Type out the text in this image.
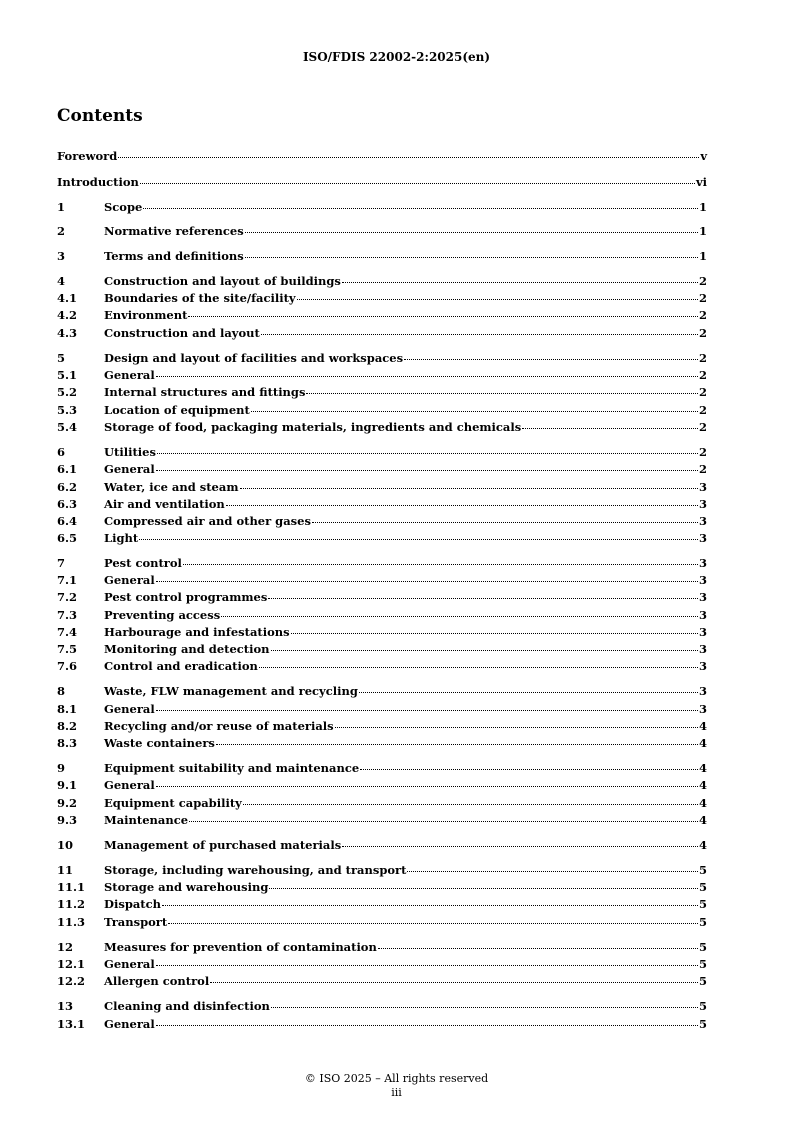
ISO/FDIS 22002-2:2025(en)
Contents
Foreword	v
Introduction	vi
1	Scope	1
2	Normative references	1
3	Terms and definitions	1
4	Construction and layout of buildings	2
4.1	Boundaries of the site/facility	2
4.2	Environment	2
4.3	Construction and layout	2
5	Design and layout of facilities and workspaces	2
5.1	General	2
5.2	Internal structures and fittings	2
5.3	Location of equipment	2
5.4	Storage of food, packaging materials, ingredients and chemicals	2
6	Utilities	2
6.1	General	2
6.2	Water, ice and steam	3
6.3	Air and ventilation	3
6.4	Compressed air and other gases	3
6.5	Light	3
7	Pest control	3
7.1	General	3
7.2	Pest control programmes	3
7.3	Preventing access	3
7.4	Harbourage and infestations	3
7.5	Monitoring and detection	3
7.6	Control and eradication	3
8	Waste, FLW management and recycling	3
8.1	General	3
8.2	Recycling and/or reuse of materials	4
8.3	Waste containers	4
9	Equipment suitability and maintenance	4
9.1	General	4
9.2	Equipment capability	4
9.3	Maintenance	4
10	Management of purchased materials	4
11	Storage, including warehousing, and transport	5
11.1	Storage and warehousing	5
11.2	Dispatch	5
11.3	Transport	5
12	Measures for prevention of contamination	5
12.1	General	5
12.2	Allergen control	5
13	Cleaning and disinfection	5
13.1	General	5
© ISO 2025 – All rights reserved
iii
